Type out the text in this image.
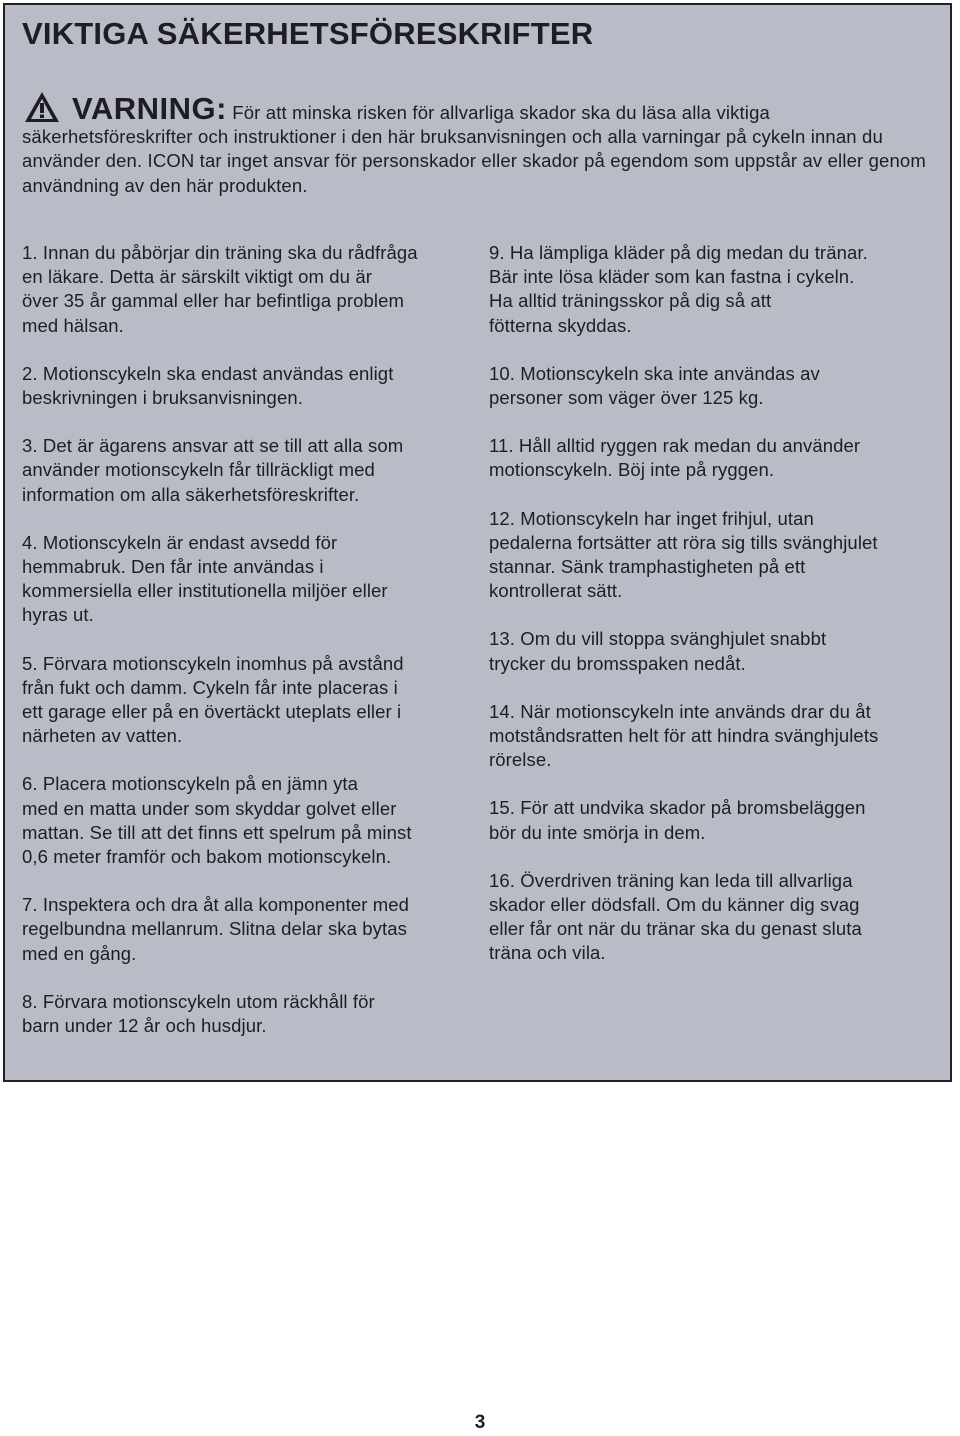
VIKTIGA SÄKERHETSFÖRESKRIFTER
VARNING: För att minska risken för allvarliga skador ska du läsa alla viktiga säkerhetsföreskrifter och instruktioner i den här bruksanvisningen och alla varningar på cykeln innan du använder den. ICON tar inget ansvar för personskador eller skador på egendom som uppstår av eller genom användning av den här produkten.

1. Innan du påbörjar din träning ska du rådfråga
en läkare. Detta är särskilt viktigt om du är
över 35 år gammal eller har befintliga problem
med hälsan.

2. Motionscykeln ska endast användas enligt
beskrivningen i bruksanvisningen.

3. Det är ägarens ansvar att se till att alla som
använder motionscykeln får tillräckligt med
information om alla säkerhetsföreskrifter.

4. Motionscykeln är endast avsedd för
hemmabruk. Den får inte användas i
kommersiella eller institutionella miljöer eller
hyras ut.

5. Förvara motionscykeln inomhus på avstånd
från fukt och damm. Cykeln får inte placeras i
ett garage eller på en övertäckt uteplats eller i
närheten av vatten.

6. Placera motionscykeln på en jämn yta
med en matta under som skyddar golvet eller
mattan. Se till att det finns ett spelrum på minst
0,6 meter framför och bakom motionscykeln.

7. Inspektera och dra åt alla komponenter med
regelbundna mellanrum. Slitna delar ska bytas
med en gång.

8. Förvara motionscykeln utom räckhåll för
barn under 12 år och husdjur.

9. Ha lämpliga kläder på dig medan du tränar.
Bär inte lösa kläder som kan fastna i cykeln.
Ha alltid träningsskor på dig så att
fötterna skyddas.

10. Motionscykeln ska inte användas av
personer som väger över 125 kg.

11. Håll alltid ryggen rak medan du använder
motionscykeln. Böj inte på ryggen.

12. Motionscykeln har inget frihjul, utan
pedalerna fortsätter att röra sig tills svänghjulet
stannar. Sänk tramphastigheten på ett
kontrollerat sätt.

13. Om du vill stoppa svänghjulet snabbt
trycker du bromsspaken nedåt.

14. När motionscykeln inte används drar du åt
motståndsratten helt för att hindra svänghjulets
rörelse.

15. För att undvika skador på bromsbeläggen
bör du inte smörja in dem.

16. Överdriven träning kan leda till allvarliga
skador eller dödsfall. Om du känner dig svag
eller får ont när du tränar ska du genast sluta
träna och vila.

3
